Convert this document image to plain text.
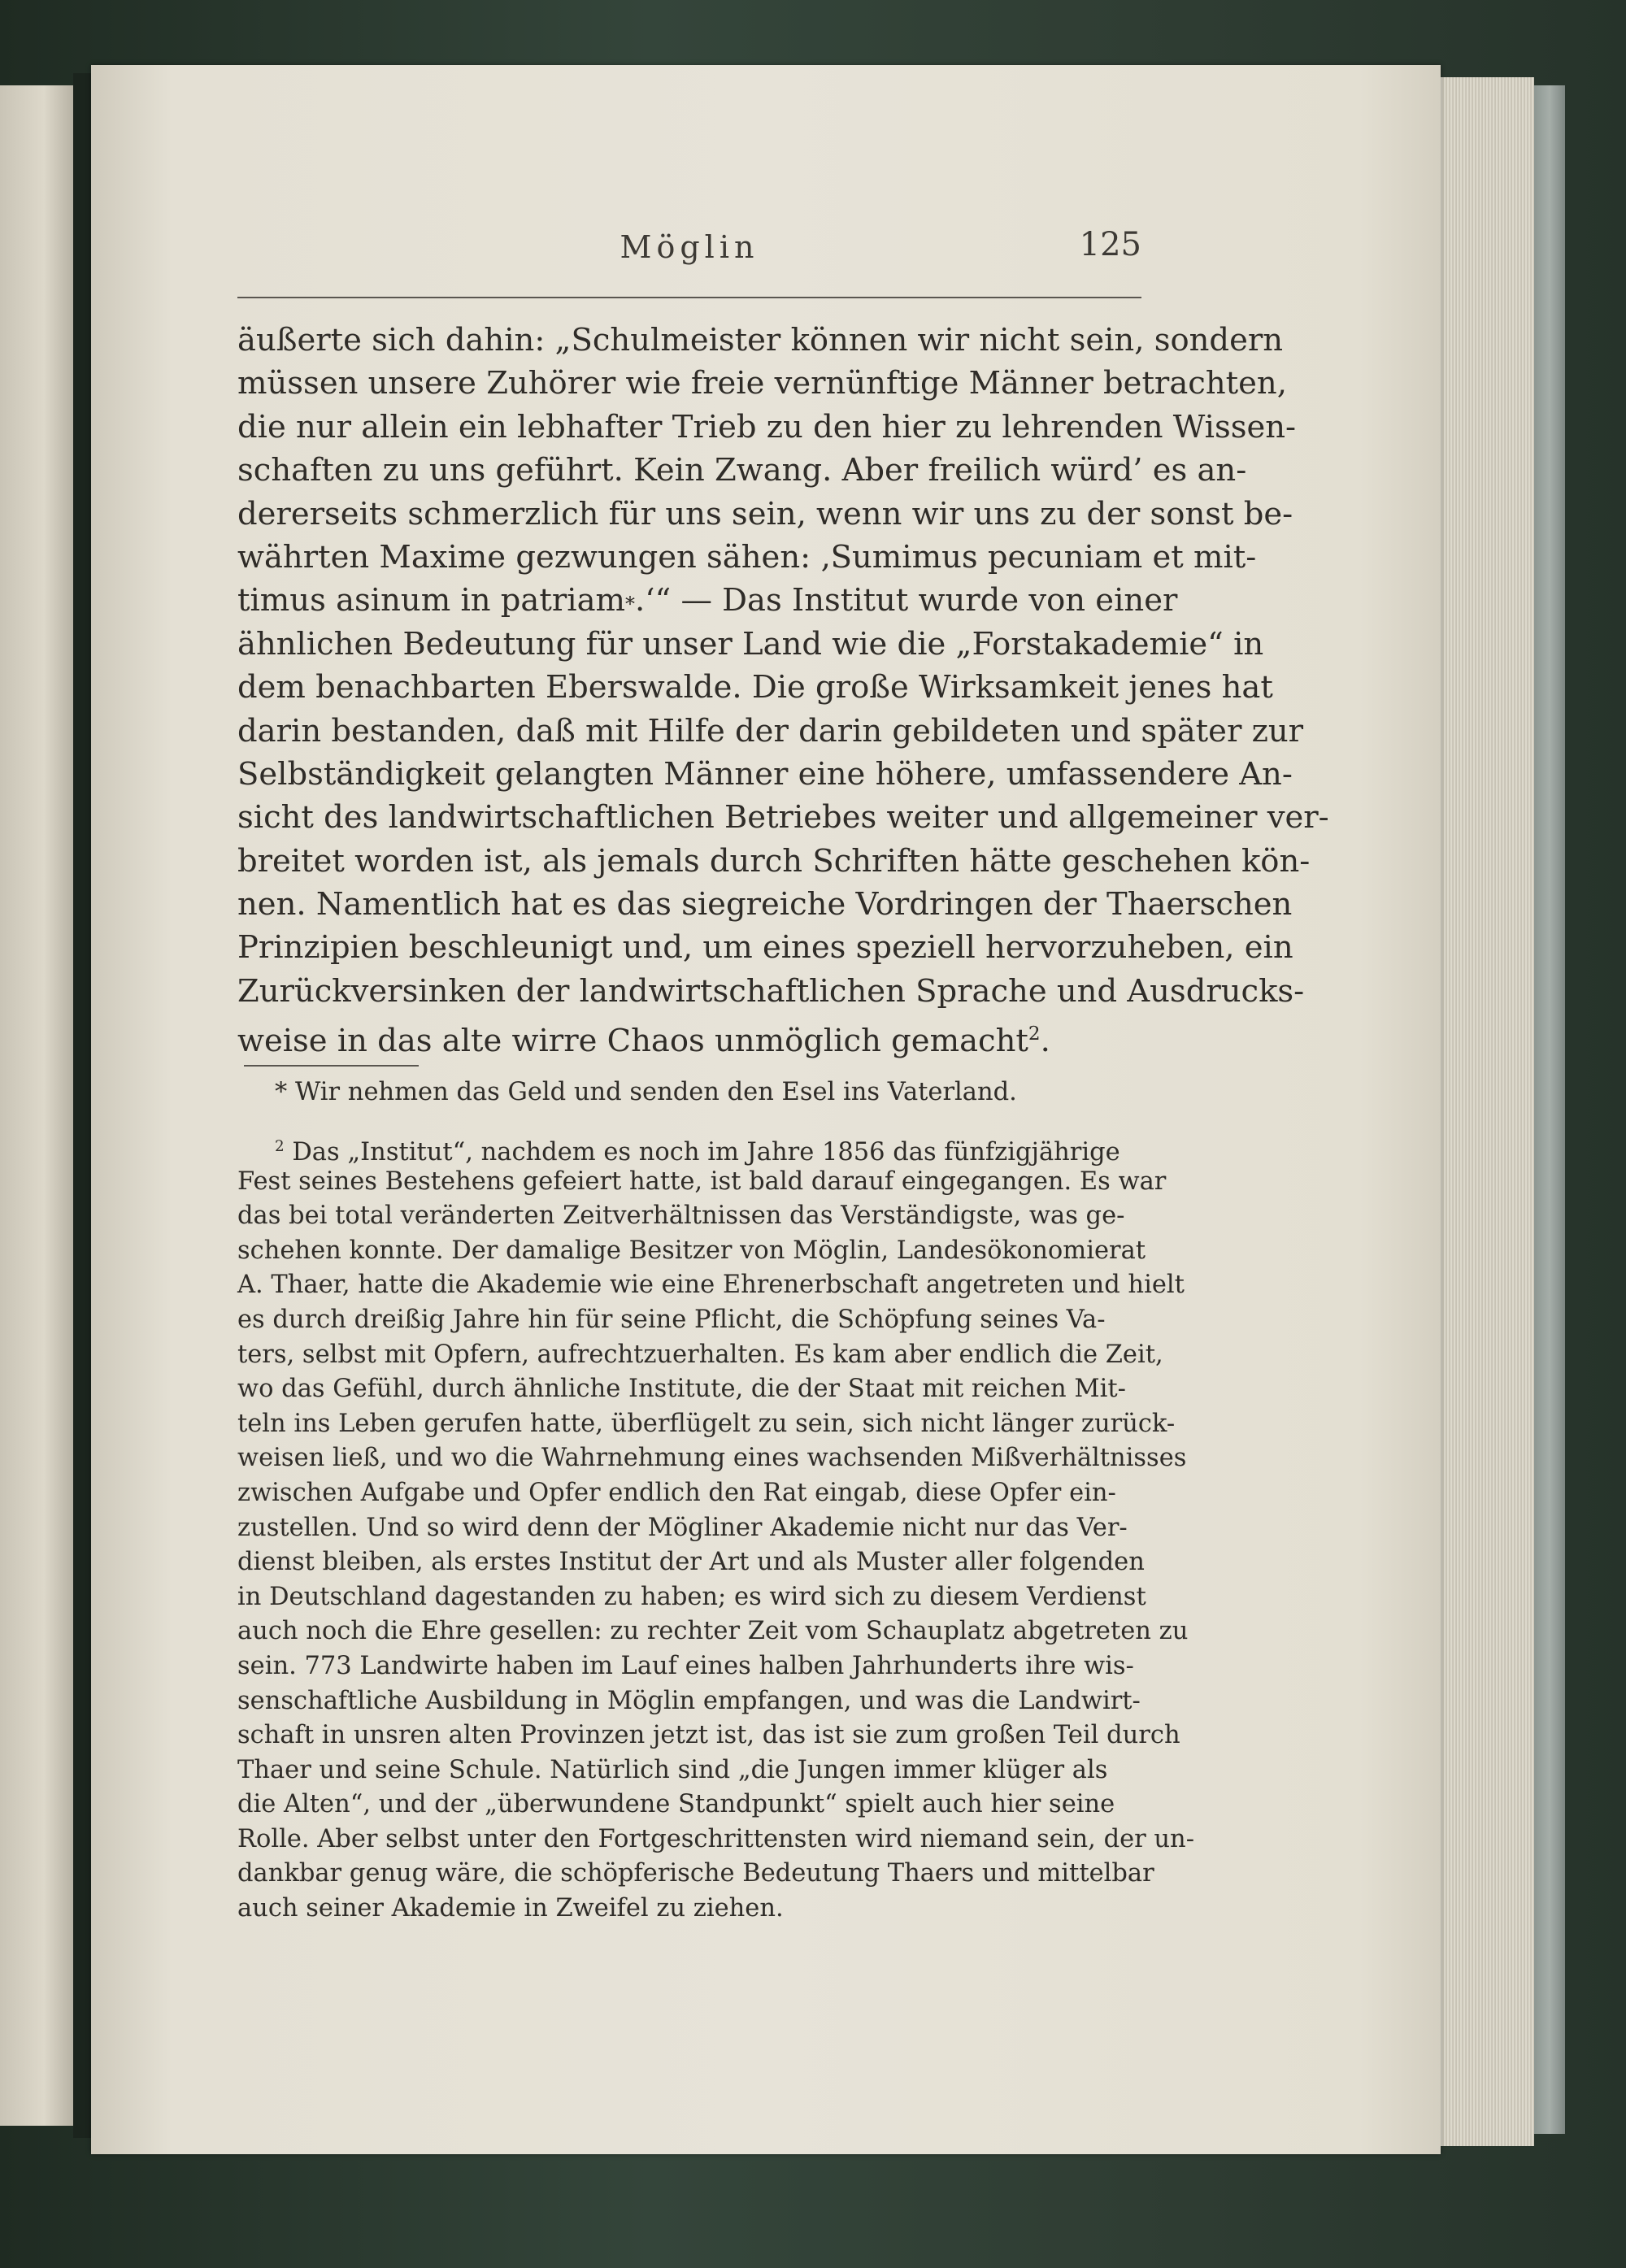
Möglin	125
äußerte sich dahin: „Schulmeister können wir nicht sein, sondern
müssen unsere Zuhörer wie freie vernünftige Männer betrachten,
die nur allein ein lebhafter Trieb zu den hier zu lehrenden Wissen-
schaften zu uns geführt. Kein Zwang. Aber freilich würd’ es an-
dererseits schmerzlich für uns sein, wenn wir uns zu der sonst be-
währten Maxime gezwungen sähen: ‚Sumimus pecuniam et mit-
timus asinum in patriam*.‘“ — Das Institut wurde von einer
ähnlichen Bedeutung für unser Land wie die „Forstakademie“ in
dem benachbarten Eberswalde. Die große Wirksamkeit jenes hat
darin bestanden, daß mit Hilfe der darin gebildeten und später zur
Selbständigkeit gelangten Männer eine höhere, umfassendere An-
sicht des landwirtschaftlichen Betriebes weiter und allgemeiner ver-
breitet worden ist, als jemals durch Schriften hätte geschehen kön-
nen. Namentlich hat es das siegreiche Vordringen der Thaerschen
Prinzipien beschleunigt und, um eines speziell hervorzuheben, ein
Zurückversinken der landwirtschaftlichen Sprache und Ausdrucks-
weise in das alte wirre Chaos unmöglich gemacht$^2$.
* Wir nehmen das Geld und senden den Esel ins Vaterland.
$^2$ Das „Institut“, nachdem es noch im Jahre 1856 das fünfzigjährige
Fest seines Bestehens gefeiert hatte, ist bald darauf eingegangen. Es war
das bei total veränderten Zeitverhältnissen das Verständigste, was ge-
schehen konnte. Der damalige Besitzer von Möglin, Landesökonomierat
A. Thaer, hatte die Akademie wie eine Ehrenerbschaft angetreten und hielt
es durch dreißig Jahre hin für seine Pflicht, die Schöpfung seines Va-
ters, selbst mit Opfern, aufrechtzuerhalten. Es kam aber endlich die Zeit,
wo das Gefühl, durch ähnliche Institute, die der Staat mit reichen Mit-
teln ins Leben gerufen hatte, überflügelt zu sein, sich nicht länger zurück-
weisen ließ, und wo die Wahrnehmung eines wachsenden Mißverhältnisses
zwischen Aufgabe und Opfer endlich den Rat eingab, diese Opfer ein-
zustellen. Und so wird denn der Mögliner Akademie nicht nur das Ver-
dienst bleiben, als erstes Institut der Art und als Muster aller folgenden
in Deutschland dagestanden zu haben; es wird sich zu diesem Verdienst
auch noch die Ehre gesellen: zu rechter Zeit vom Schauplatz abgetreten zu
sein. 773 Landwirte haben im Lauf eines halben Jahrhunderts ihre wis-
senschaftliche Ausbildung in Möglin empfangen, und was die Landwirt-
schaft in unsren alten Provinzen jetzt ist, das ist sie zum großen Teil durch
Thaer und seine Schule. Natürlich sind „die Jungen immer klüger als
die Alten“, und der „überwundene Standpunkt“ spielt auch hier seine
Rolle. Aber selbst unter den Fortgeschrittensten wird niemand sein, der un-
dankbar genug wäre, die schöpferische Bedeutung Thaers und mittelbar
auch seiner Akademie in Zweifel zu ziehen.
